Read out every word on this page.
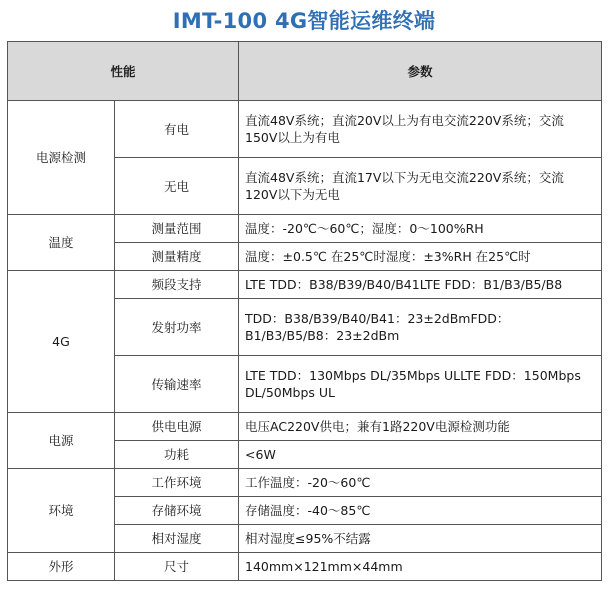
IMT-100 4G智能运维终端
性能		参数
电源检测	有电	直流48V系统；直流20V以上为有电交流220V系统；交流150V以上为有电
	无电	直流48V系统；直流17V以下为无电交流220V系统；交流120V以下为无电
温度	测量范围	温度：-20℃～60℃；湿度：0～100%RH
	测量精度	温度：±0.5℃ 在25℃时湿度：±3%RH 在25℃时
4G	频段支持	LTE TDD：B38/B39/B40/B41LTE FDD：B1/B3/B5/B8
	发射功率	TDD：B38/B39/B40/B41：23±2dBmFDD：B1/B3/B5/B8：23±2dBm
	传输速率	LTE TDD：130Mbps DL/35Mbps ULLTE FDD：150Mbps DL/50Mbps UL
电源	供电电源	电压AC220V供电；兼有1路220V电源检测功能
	功耗	<6W
环境	工作环境	工作温度：-20～60℃
	存储环境	存储温度：-40～85℃
	相对湿度	相对湿度≤95%不结露
外形	尺寸	140mm×121mm×44mm
